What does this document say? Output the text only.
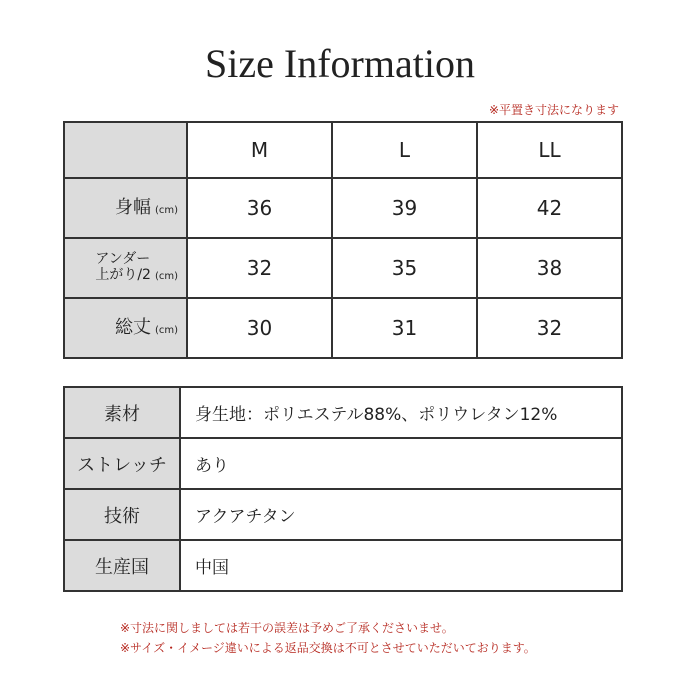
Size Information
※平置き寸法になります
	M	L	LL
身幅 (cm)	36	39	42
アンダー
上がり/2 (cm)	32	35	38
総丈 (cm)	30	31	32
素材	身生地：ポリエステル88%、ポリウレタン12%
ストレッチ	あり
技術	アクアチタン
生産国	中国
※寸法に関しましては若干の誤差は予めご了承くださいませ。
※サイズ・イメージ違いによる返品交換は不可とさせていただいております。
